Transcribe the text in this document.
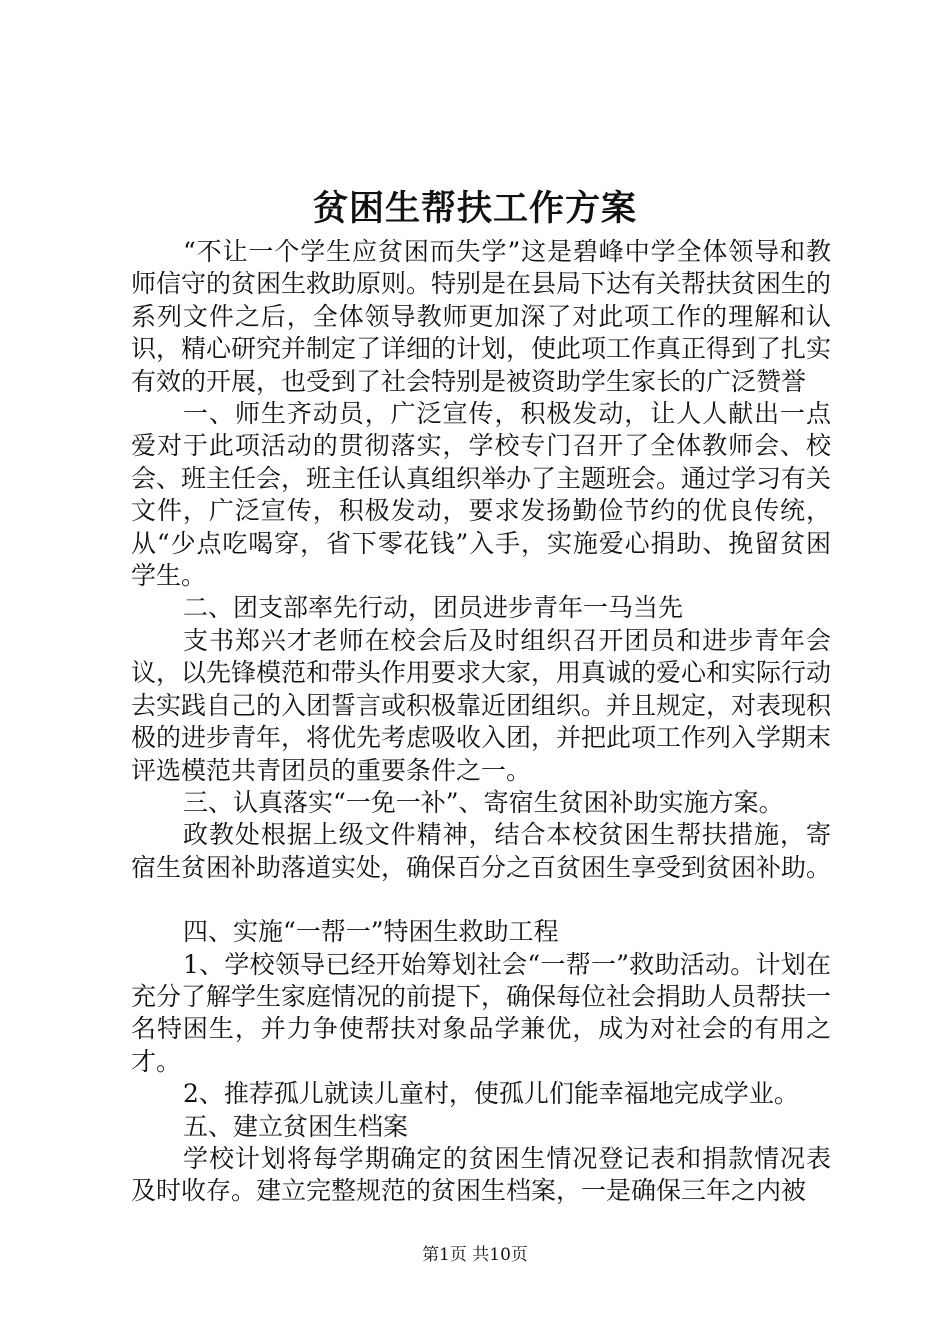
贫困生帮扶工作方案

“不让一个学生应贫困而失学”这是碧峰中学全体领导和教师信守的贫困生救助原则。特别是在县局下达有关帮扶贫困生的系列文件之后，全体领导教师更加深了对此项工作的理解和认识，精心研究并制定了详细的计划，使此项工作真正得到了扎实有效的开展，也受到了社会特别是被资助学生家长的广泛赞誉

一、师生齐动员，广泛宣传，积极发动，让人人献出一点爱对于此项活动的贯彻落实，学校专门召开了全体教师会、校会、班主任会，班主任认真组织举办了主题班会。通过学习有关文件，广泛宣传，积极发动，要求发扬勤俭节约的优良传统，从“少点吃喝穿，省下零花钱”入手，实施爱心捐助、挽留贫困学生。

二、团支部率先行动，团员进步青年一马当先

支书郑兴才老师在校会后及时组织召开团员和进步青年会议，以先锋模范和带头作用要求大家，用真诚的爱心和实际行动去实践自己的入团誓言或积极靠近团组织。并且规定，对表现积极的进步青年，将优先考虑吸收入团，并把此项工作列入学期末评选模范共青团员的重要条件之一。

三、认真落实“一免一补”、寄宿生贫困补助实施方案。

政教处根据上级文件精神，结合本校贫困生帮扶措施，寄宿生贫困补助落道实处，确保百分之百贫困生享受到贫困补助。

四、实施“一帮一”特困生救助工程

1、学校领导已经开始筹划社会“一帮一”救助活动。计划在充分了解学生家庭情况的前提下，确保每位社会捐助人员帮扶一名特困生，并力争使帮扶对象品学兼优，成为对社会的有用之才。

2、推荐孤儿就读儿童村，使孤儿们能幸福地完成学业。

五、建立贫困生档案

学校计划将每学期确定的贫困生情况登记表和捐款情况表及时收存。建立完整规范的贫困生档案，一是确保三年之内被

第1页 共10页
